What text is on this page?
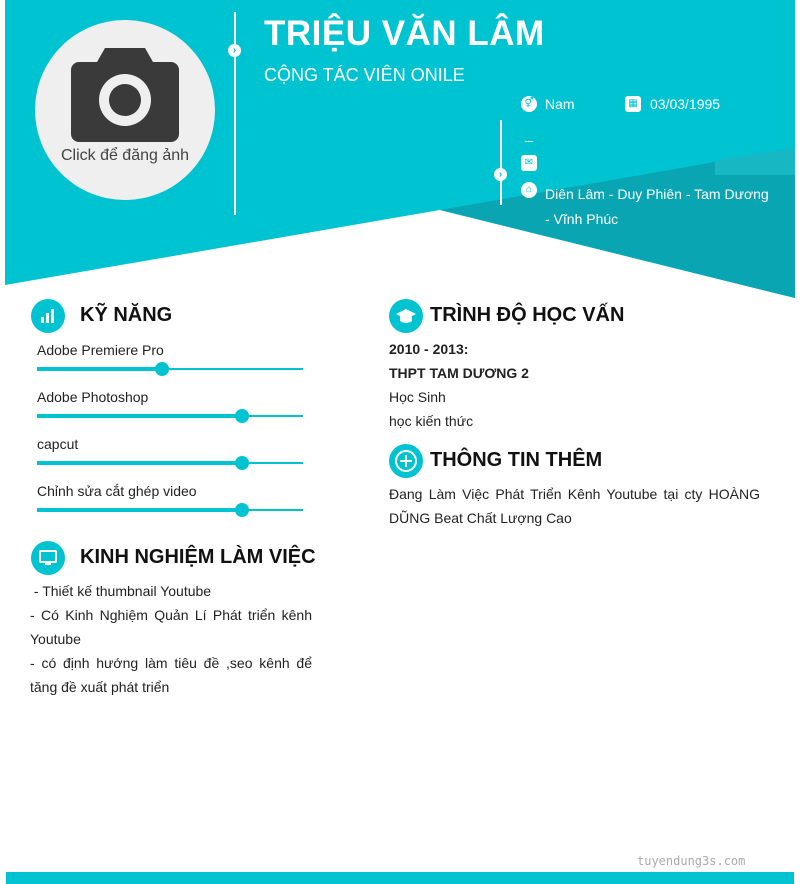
Click để đăng ảnh
›
›
TRIỆU VĂN LÂM
CỘNG TÁC VIÊN ONILE
⚥ Nam	▦ 03/03/1995
_
✉
⌂ Diên Lâm - Duy Phiên - Tam Dương - Vĩnh Phúc
KỸ NĂNG
Adobe Premiere Pro
Adobe Photoshop
capcut
Chỉnh sửa cắt ghép video
KINH NGHIỆM LÀM VIỆC
- Thiết kế thumbnail Youtube
- Có Kinh Nghiệm Quản Lí Phát triển kênh Youtube
- có định hướng làm tiêu đề ,seo kênh để tăng đề xuất phát triển
TRÌNH ĐỘ HỌC VẤN
2010 - 2013:
THPT TAM DƯƠNG 2
Học Sinh
học kiến thức
THÔNG TIN THÊM
Đang Làm Việc Phát Triển Kênh Youtube tại cty HOÀNG DŨNG Beat Chất Lượng Cao
tuyendung3s.com
